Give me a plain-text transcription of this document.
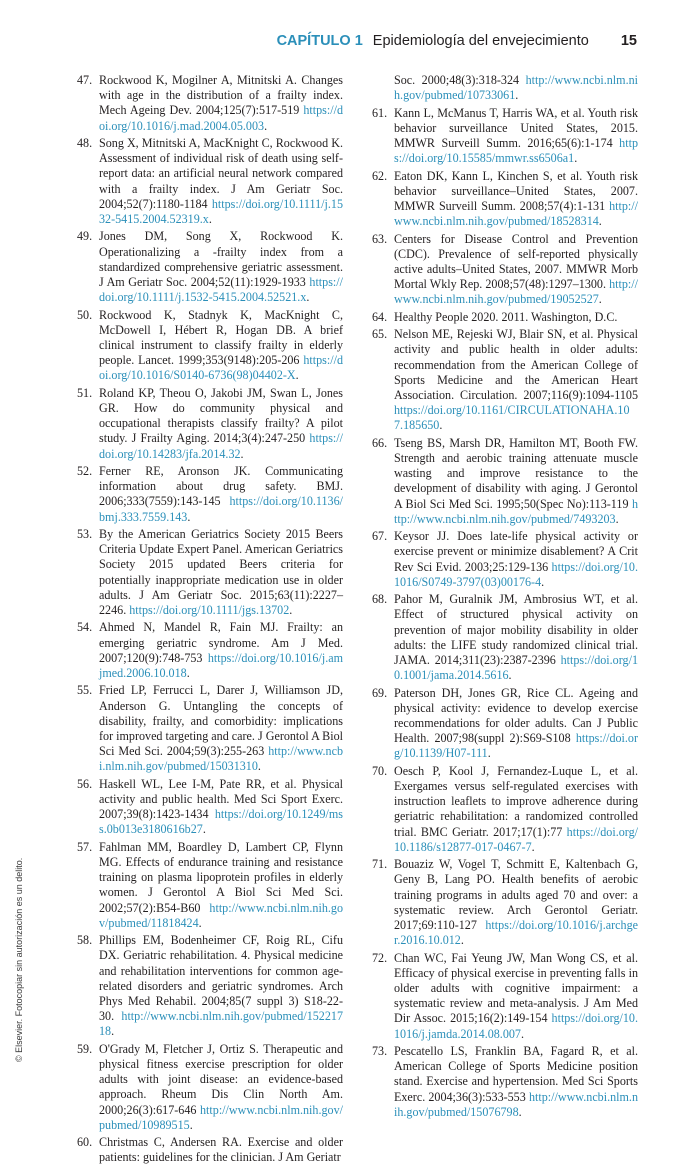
CAPÍTULO 1 Epidemiología del envejecimiento 15
© Elsevier. Fotocopiar sin autorización es un delito.
47. Rockwood K, Mogilner A, Mitnitski A. Changes with age in the distribution of a frailty index. Mech Ageing Dev. 2004;125(7):517-519 https://doi.org/10.1016/j.mad.2004.05.003.
48. Song X, Mitnitski A, MacKnight C, Rockwood K. Assessment of individual risk of death using self-report data: an artificial neural network compared with a frailty index. J Am Geriatr Soc. 2004;52(7):1180-1184 https://doi.org/10.1111/j.1532-5415.2004.52319.x.
49. Jones DM, Song X, Rockwood K. Operationalizing a -frailty index from a standardized comprehensive geriatric assessment. J Am Geriatr Soc. 2004;52(11):1929-1933 https://doi.org/10.1111/j.1532-5415.2004.52521.x.
50. Rockwood K, Stadnyk K, MacKnight C, McDowell I, Hébert R, Hogan DB. A brief clinical instrument to classify frailty in elderly people. Lancet. 1999;353(9148):205-206 https://doi.org/10.1016/S0140-6736(98)04402-X.
51. Roland KP, Theou O, Jakobi JM, Swan L, Jones GR. How do community physical and occupational therapists classify frailty? A pilot study. J Frailty Aging. 2014;3(4):247-250 https://doi.org/10.14283/jfa.2014.32.
52. Ferner RE, Aronson JK. Communicating information about drug safety. BMJ. 2006;333(7559):143-145 https://doi.org/10.1136/bmj.333.7559.143.
53. By the American Geriatrics Society 2015 Beers Criteria Update Expert Panel. American Geriatrics Society 2015 updated Beers criteria for potentially inappropriate medication use in older adults. J Am Geriatr Soc. 2015;63(11):2227–2246. https://doi.org/10.1111/jgs.13702.
54. Ahmed N, Mandel R, Fain MJ. Frailty: an emerging geriatric syndrome. Am J Med. 2007;120(9):748-753 https://doi.org/10.1016/j.amjmed.2006.10.018.
55. Fried LP, Ferrucci L, Darer J, Williamson JD, Anderson G. Untangling the concepts of disability, frailty, and comorbidity: implications for improved targeting and care. J Gerontol A Biol Sci Med Sci. 2004;59(3):255-263 http://www.ncbi.nlm.nih.gov/pubmed/15031310.
56. Haskell WL, Lee I-M, Pate RR, et al. Physical activity and public health. Med Sci Sport Exerc. 2007;39(8):1423-1434 https://doi.org/10.1249/mss.0b013e3180616b27.
57. Fahlman MM, Boardley D, Lambert CP, Flynn MG. Effects of endurance training and resistance training on plasma lipoprotein profiles in elderly women. J Gerontol A Biol Sci Med Sci. 2002;57(2):B54-B60 http://www.ncbi.nlm.nih.gov/pubmed/11818424.
58. Phillips EM, Bodenheimer CF, Roig RL, Cifu DX. Geriatric rehabilitation. 4. Physical medicine and rehabilitation interventions for common age-related disorders and geriatric syndromes. Arch Phys Med Rehabil. 2004;85(7 suppl 3) S18-22-30. http://www.ncbi.nlm.nih.gov/pubmed/15221718.
59. O'Grady M, Fletcher J, Ortiz S. Therapeutic and physical fitness exercise prescription for older adults with joint disease: an evidence-based approach. Rheum Dis Clin North Am. 2000;26(3):617-646 http://www.ncbi.nlm.nih.gov/pubmed/10989515.
60. Christmas C, Andersen RA. Exercise and older patients: guidelines for the clinician. J Am Geriatr
Soc. 2000;48(3):318-324 http://www.ncbi.nlm.nih.gov/pubmed/10733061.
61. Kann L, McManus T, Harris WA, et al. Youth risk behavior surveillance United States, 2015. MMWR Surveill Summ. 2016;65(6):1-174 https://doi.org/10.15585/mmwr.ss6506a1.
62. Eaton DK, Kann L, Kinchen S, et al. Youth risk behavior surveillance–United States, 2007. MMWR Surveill Summ. 2008;57(4):1-131 http://www.ncbi.nlm.nih.gov/pubmed/18528314.
63. Centers for Disease Control and Prevention (CDC). Prevalence of self-reported physically active adults–United States, 2007. MMWR Morb Mortal Wkly Rep. 2008;57(48):1297–1300. http://www.ncbi.nlm.nih.gov/pubmed/19052527.
64. Healthy People 2020. 2011. Washington, D.C.
65. Nelson ME, Rejeski WJ, Blair SN, et al. Physical activity and public health in older adults: recommendation from the American College of Sports Medicine and the American Heart Association. Circulation. 2007;116(9):1094-1105 https://doi.org/10.1161/CIRCULATIONAHA.107.185650.
66. Tseng BS, Marsh DR, Hamilton MT, Booth FW. Strength and aerobic training attenuate muscle wasting and improve resistance to the development of disability with aging. J Gerontol A Biol Sci Med Sci. 1995;50(Spec No):113-119 http://www.ncbi.nlm.nih.gov/pubmed/7493203.
67. Keysor JJ. Does late-life physical activity or exercise prevent or minimize disablement? A Crit Rev Sci Evid. 2003;25:129-136 https://doi.org/10.1016/S0749-3797(03)00176-4.
68. Pahor M, Guralnik JM, Ambrosius WT, et al. Effect of structured physical activity on prevention of major mobility disability in older adults: the LIFE study randomized clinical trial. JAMA. 2014;311(23):2387-2396 https://doi.org/10.1001/jama.2014.5616.
69. Paterson DH, Jones GR, Rice CL. Ageing and physical activity: evidence to develop exercise recommendations for older adults. Can J Public Health. 2007;98(suppl 2):S69-S108 https://doi.org/10.1139/H07-111.
70. Oesch P, Kool J, Fernandez-Luque L, et al. Exergames versus self-regulated exercises with instruction leaflets to improve adherence during geriatric rehabilitation: a randomized controlled trial. BMC Geriatr. 2017;17(1):77 https://doi.org/10.1186/s12877-017-0467-7.
71. Bouaziz W, Vogel T, Schmitt E, Kaltenbach G, Geny B, Lang PO. Health benefits of aerobic training programs in adults aged 70 and over: a systematic review. Arch Gerontol Geriatr. 2017;69:110-127 https://doi.org/10.1016/j.archger.2016.10.012.
72. Chan WC, Fai Yeung JW, Man Wong CS, et al. Efficacy of physical exercise in preventing falls in older adults with cognitive impairment: a systematic review and meta-analysis. J Am Med Dir Assoc. 2015;16(2):149-154 https://doi.org/10.1016/j.jamda.2014.08.007.
73. Pescatello LS, Franklin BA, Fagard R, et al. American College of Sports Medicine position stand. Exercise and hypertension. Med Sci Sports Exerc. 2004;36(3):533-553 http://www.ncbi.nlm.nih.gov/pubmed/15076798.
